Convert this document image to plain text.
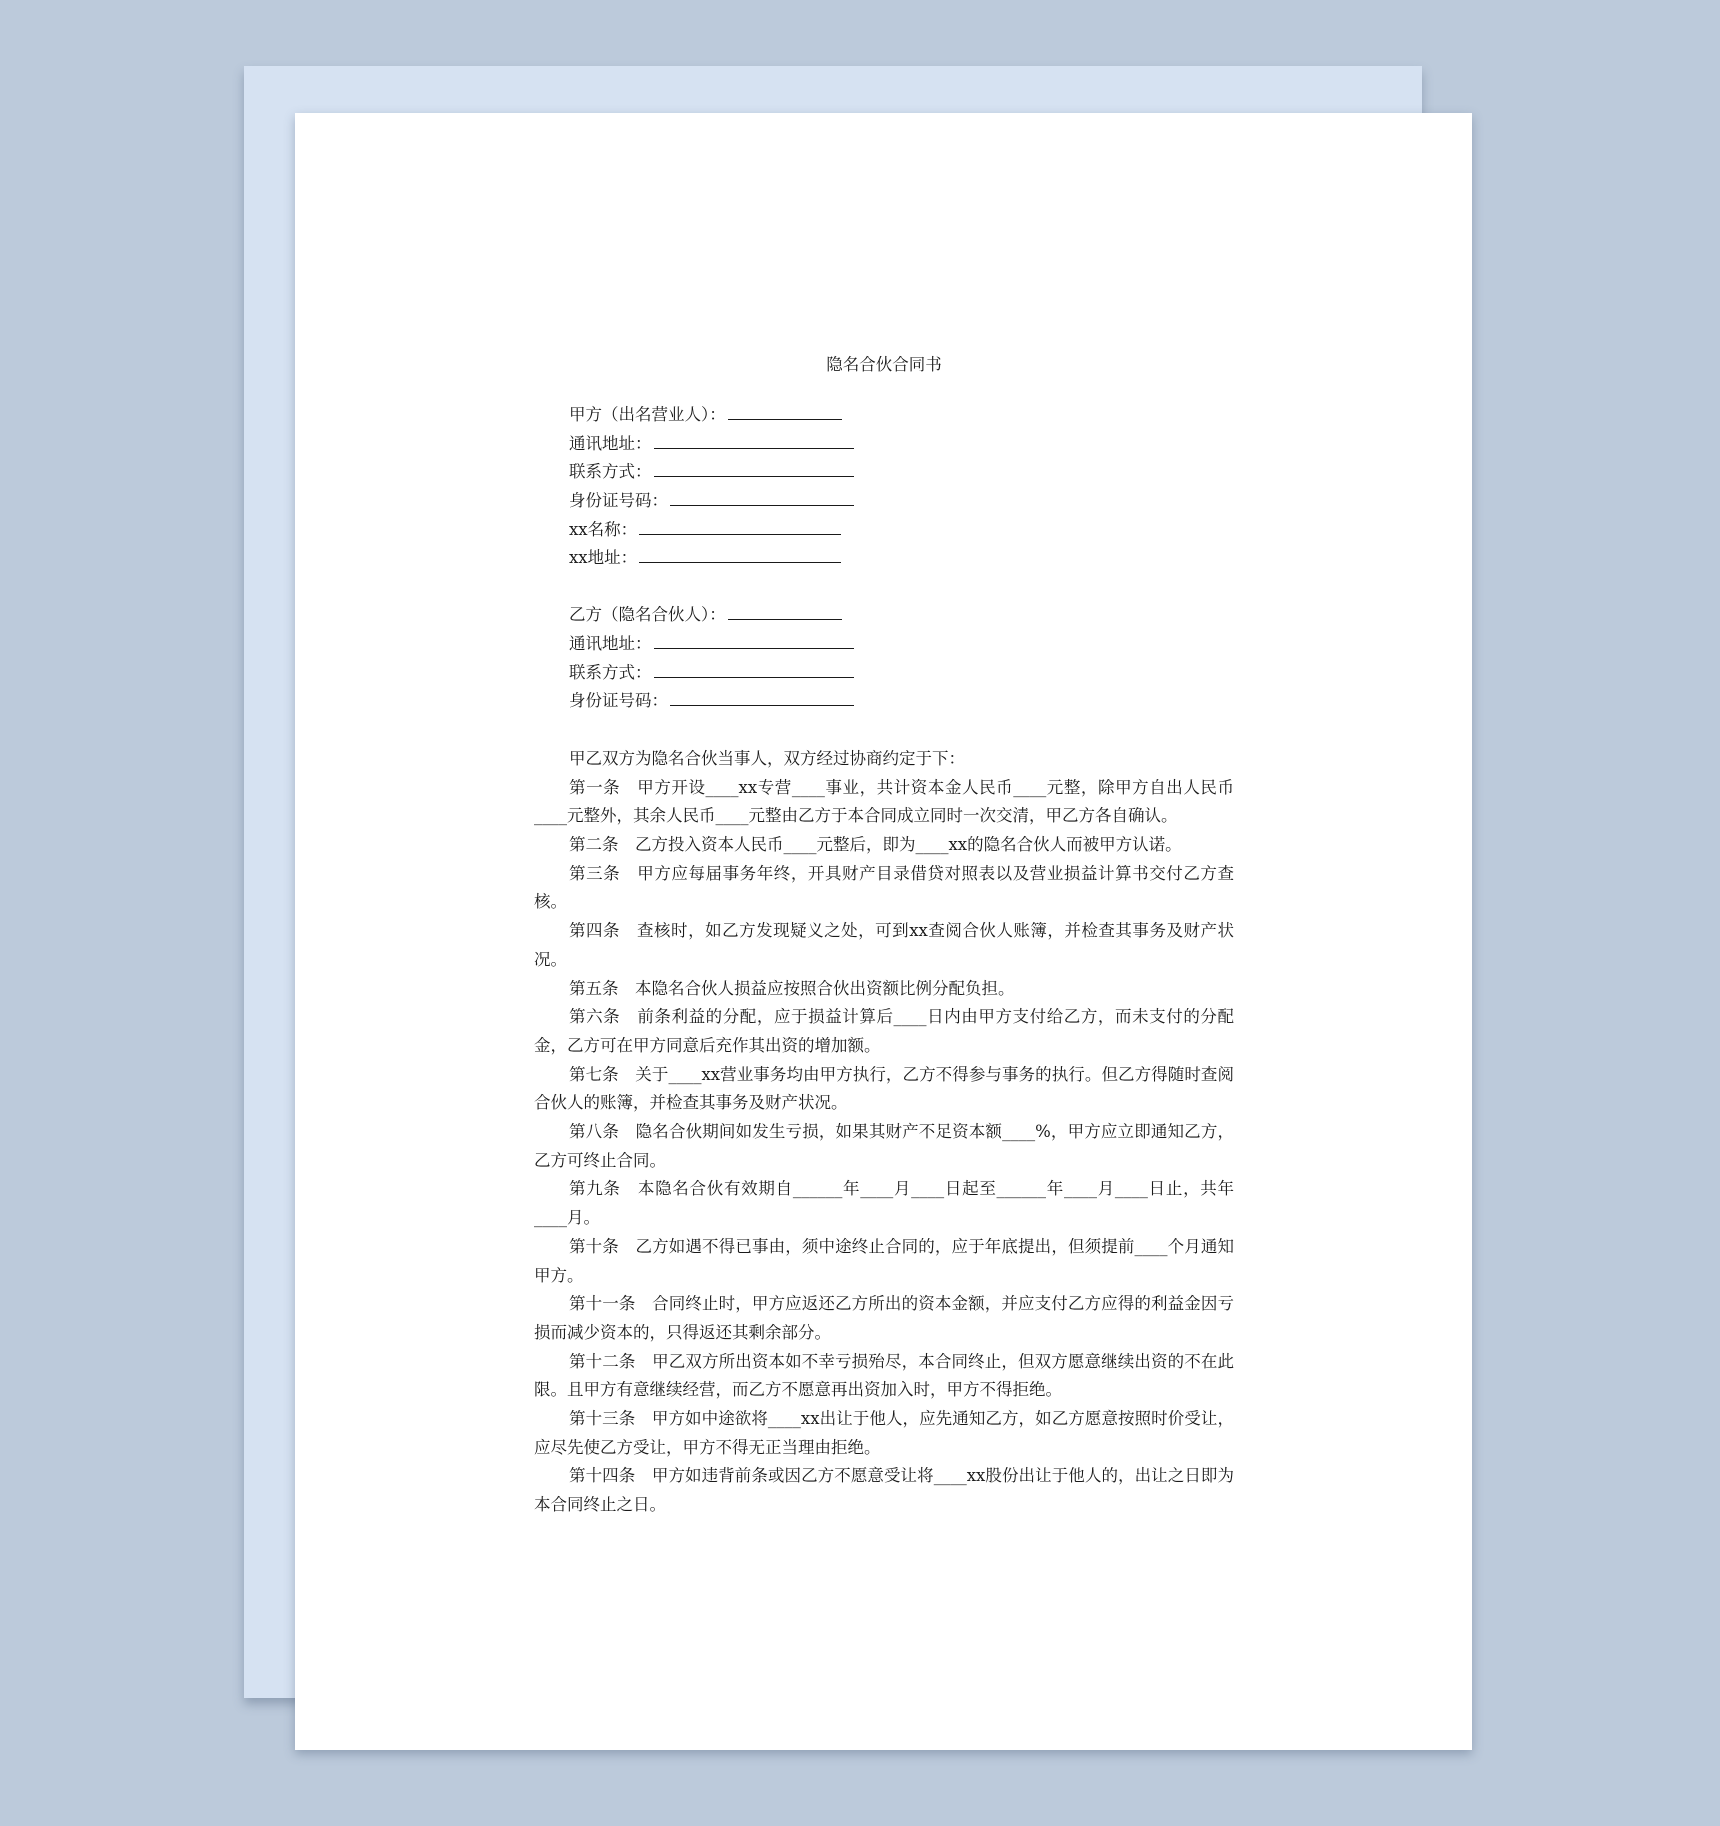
隐名合伙合同书
甲方（出名营业人）：
通讯地址：
联系方式：
身份证号码：
xx名称：
xx地址：
乙方（隐名合伙人）：
通讯地址：
联系方式：
身份证号码：

甲乙双方为隐名合伙当事人，双方经过协商约定于下：

第一条　甲方开设____xx专营____事业，共计资本金人民币____元整，除甲方自出人民币____元整外，其余人民币____元整由乙方于本合同成立同时一次交清，甲乙方各自确认。

第二条　乙方投入资本人民币____元整后，即为____xx的隐名合伙人而被甲方认诺。

第三条　甲方应每届事务年终，开具财产目录借贷对照表以及营业损益计算书交付乙方查核。

第四条　查核时，如乙方发现疑义之处，可到xx查阅合伙人账簿，并检查其事务及财产状况。

第五条　本隐名合伙人损益应按照合伙出资额比例分配负担。

第六条　前条利益的分配，应于损益计算后____日内由甲方支付给乙方，而未支付的分配金，乙方可在甲方同意后充作其出资的增加额。

第七条　关于____xx营业事务均由甲方执行，乙方不得参与事务的执行。但乙方得随时查阅合伙人的账簿，并检查其事务及财产状况。

第八条　隐名合伙期间如发生亏损，如果其财产不足资本额____%，甲方应立即通知乙方，乙方可终止合同。

第九条　本隐名合伙有效期自______年____月____日起至______年____月____日止，共年____月。

第十条　乙方如遇不得已事由，须中途终止合同的，应于年底提出，但须提前____个月通知甲方。

第十一条　合同终止时，甲方应返还乙方所出的资本金额，并应支付乙方应得的利益金因亏损而减少资本的，只得返还其剩余部分。

第十二条　甲乙双方所出资本如不幸亏损殆尽，本合同终止，但双方愿意继续出资的不在此限。且甲方有意继续经营，而乙方不愿意再出资加入时，甲方不得拒绝。

第十三条　甲方如中途欲将____xx出让于他人，应先通知乙方，如乙方愿意按照时价受让，应尽先使乙方受让，甲方不得无正当理由拒绝。

第十四条　甲方如违背前条或因乙方不愿意受让将____xx股份出让于他人的，出让之日即为本合同终止之日。
